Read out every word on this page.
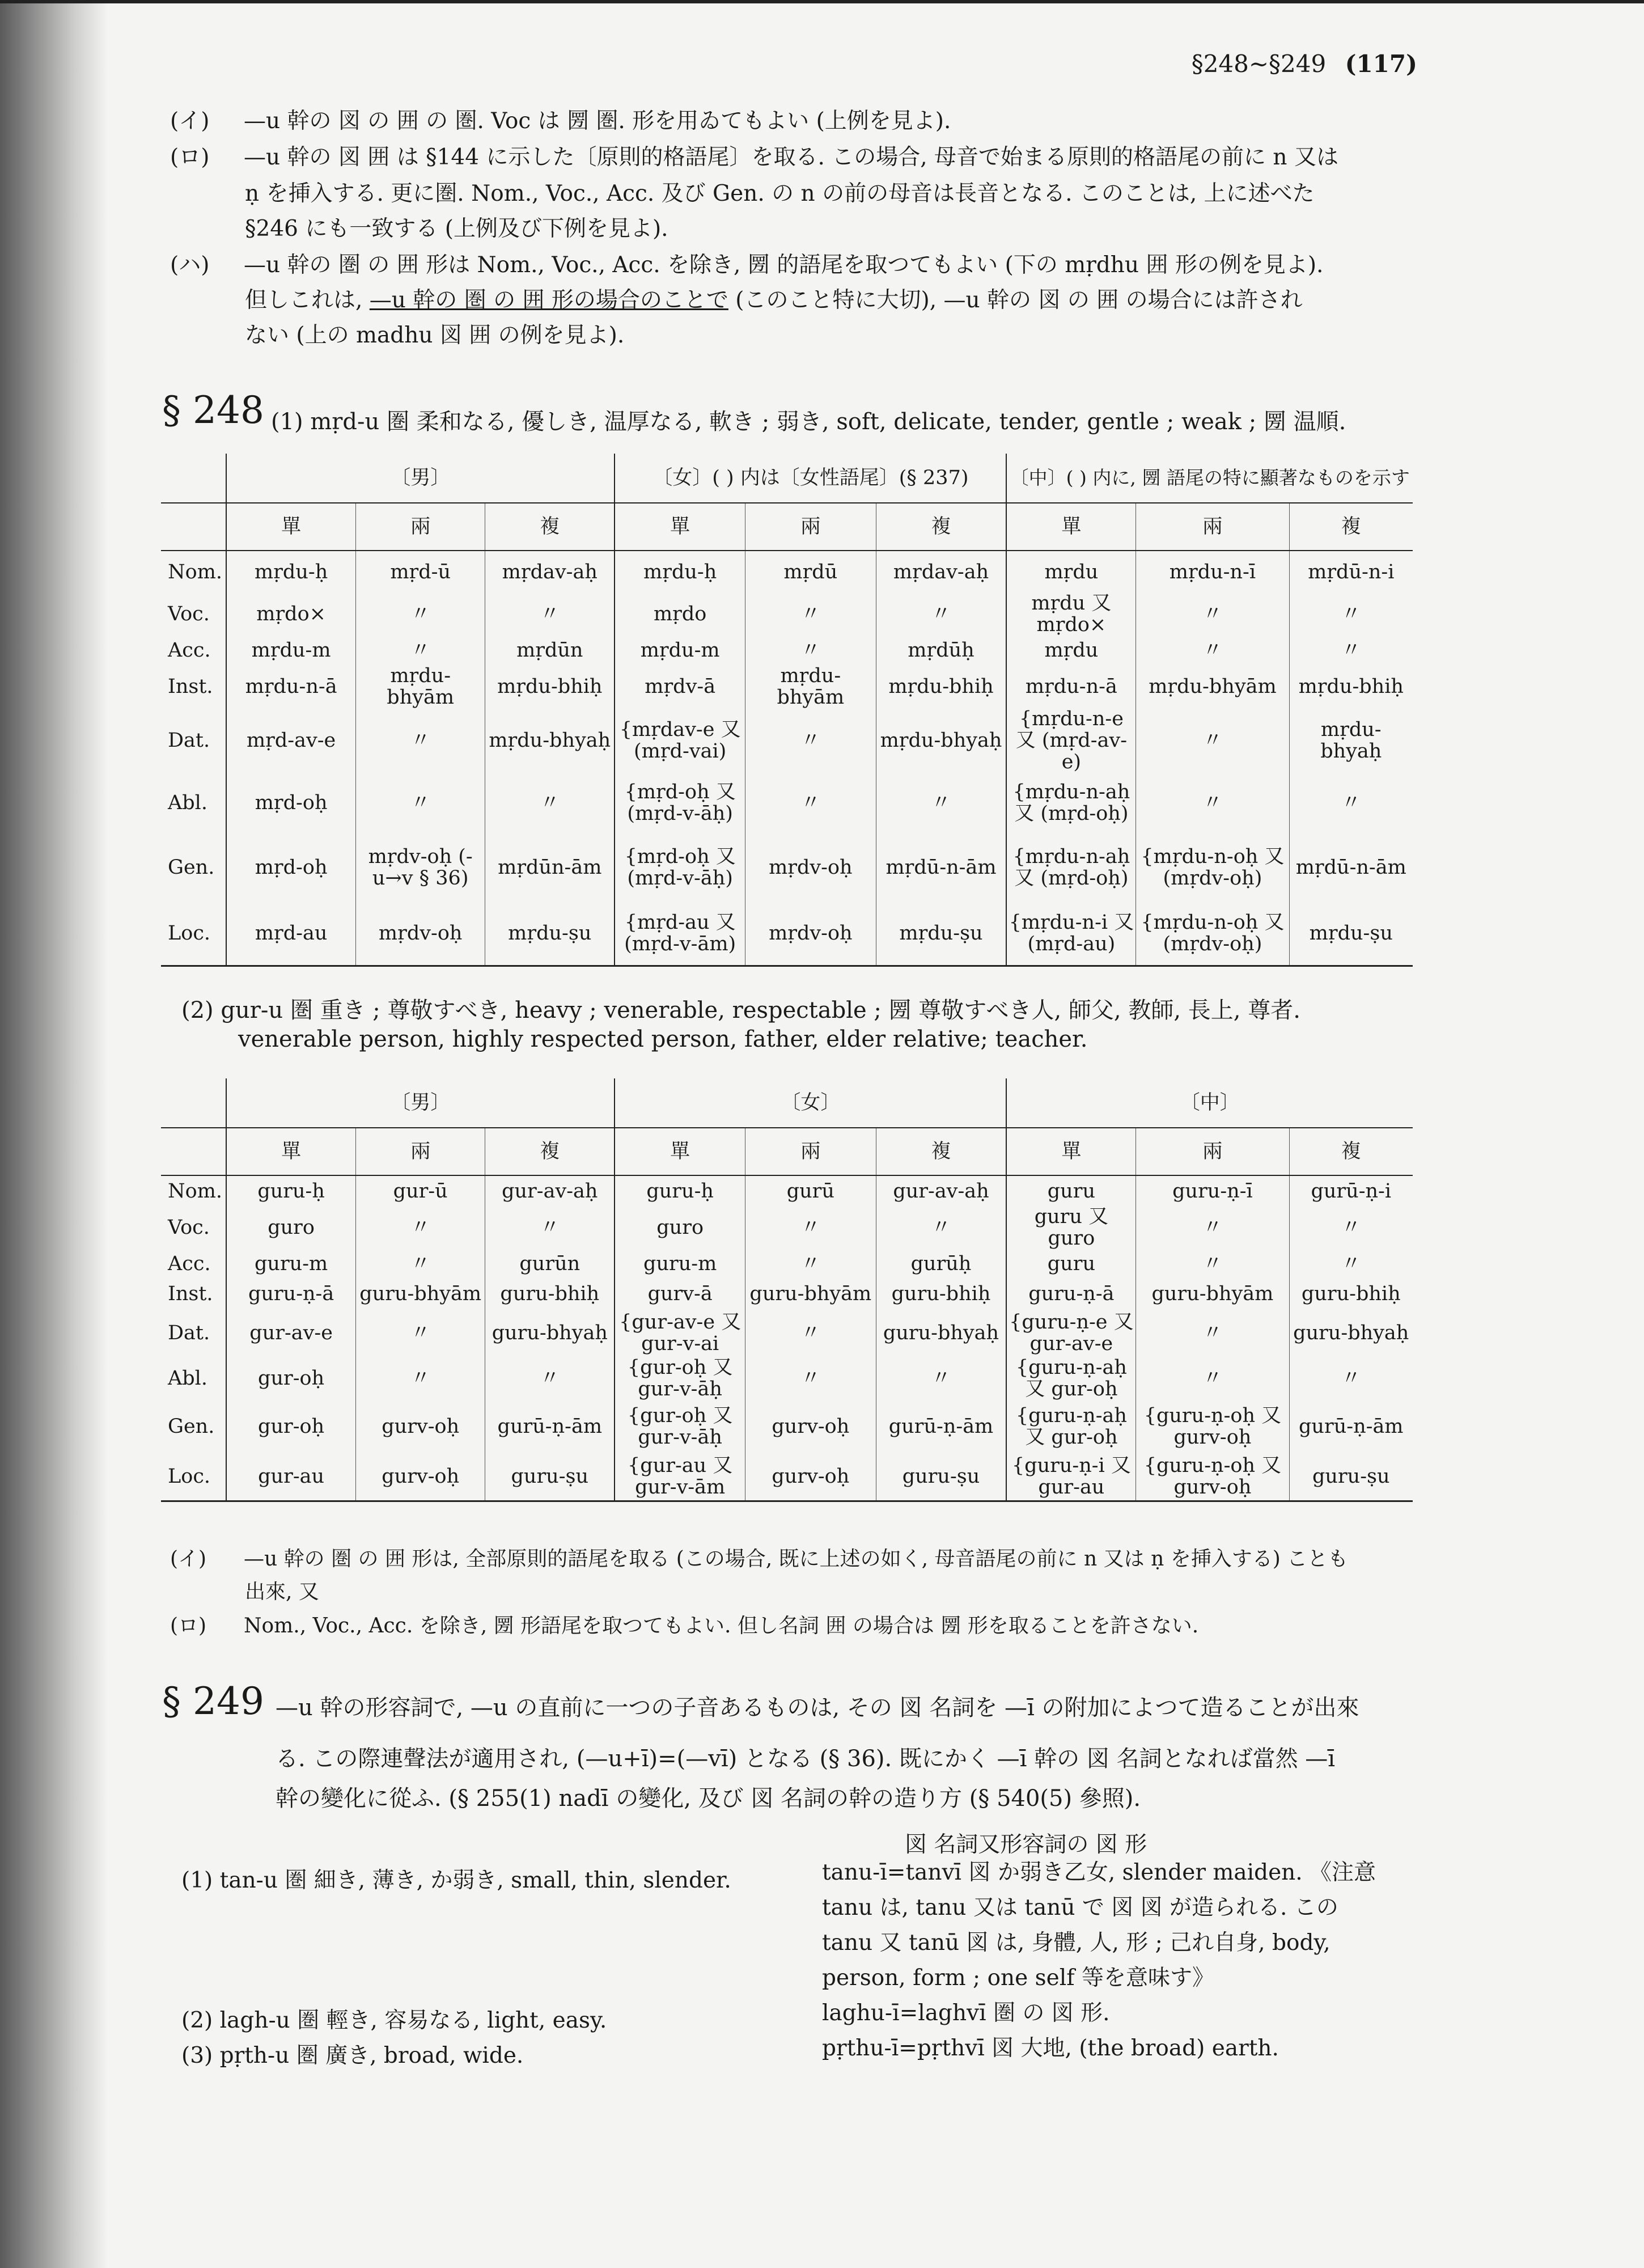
§248~§249 (117)
(イ) —u 幹の 図 の 囲 の 圏. Voc は 圐 圏. 形を用ゐてもよい (上例を見よ).
(ロ) —u 幹の 図 囲 は §144 に示した〔原則的格語尾〕を取る. この場合, 母音で始まる原則的格語尾の前に n 又は
ṇ を挿入する. 更に圏. Nom., Voc., Acc. 及び Gen. の n の前の母音は長音となる. このことは, 上に述べた
§246 にも一致する (上例及び下例を見よ).
(ハ) —u 幹の 圏 の 囲 形は Nom., Voc., Acc. を除き, 圐 的語尾を取つてもよい (下の mṛdhu 囲 形の例を見よ).
但しこれは, —u 幹の 圏 の 囲 形の場合のことで (このこと特に大切), —u 幹の 図 の 囲 の場合には許され
ない (上の madhu 図 囲 の例を見よ).
§ 248 (1) mṛd-u 圏 柔和なる, 優しき, 温厚なる, 軟き ; 弱き, soft, delicate, tender, gentle ; weak ; 圐 温順.
	〔男〕			〔女〕( ) 内は〔女性語尾〕(§ 237)			〔中〕( ) 内に, 圐 語尾の特に顯著なものを示す		
	單	兩	複	單	兩	複	單	兩	複
Nom.	mṛdu-ḥ	mṛd-ū	mṛdav-aḥ	mṛdu-ḥ	mṛdū	mṛdav-aḥ	mṛdu	mṛdu-n-ī	mṛdū-n-i
Voc.	mṛdo×	〃	〃	mṛdo	〃	〃	mṛdu 又 mṛdo×	〃	〃
Acc.	mṛdu-m	〃	mṛdūn	mṛdu-m	〃	mṛdūḥ	mṛdu	〃	〃
Inst.	mṛdu-n-ā	mṛdu-bhyām	mṛdu-bhiḥ	mṛdv-ā	mṛdu-bhyām	mṛdu-bhiḥ	mṛdu-n-ā	mṛdu-bhyām	mṛdu-bhiḥ
Dat.	mṛd-av-e	〃	mṛdu-bhyaḥ	{mṛdav-e 又 (mṛd-vai)	〃	mṛdu-bhyaḥ	{mṛdu-n-e 又 (mṛd-av-e)	〃	mṛdu-bhyaḥ
Abl.	mṛd-oḥ	〃	〃	{mṛd-oḥ 又 (mṛd-v-āḥ)	〃	〃	{mṛdu-n-aḥ 又 (mṛd-oḥ)	〃	〃
Gen.	mṛd-oḥ	mṛdv-oḥ (-u→v § 36)	mṛdūn-ām	{mṛd-oḥ 又 (mṛd-v-āḥ)	mṛdv-oḥ	mṛdū-n-ām	{mṛdu-n-aḥ 又 (mṛd-oḥ)	{mṛdu-n-oḥ 又 (mṛdv-oḥ)	mṛdū-n-ām
Loc.	mṛd-au	mṛdv-oḥ	mṛdu-ṣu	{mṛd-au 又 (mṛd-v-ām)	mṛdv-oḥ	mṛdu-ṣu	{mṛdu-n-i 又 (mṛd-au)	{mṛdu-n-oḥ 又 (mṛdv-oḥ)	mṛdu-ṣu
(2) gur-u 圏 重き ; 尊敬すべき, heavy ; venerable, respectable ; 圐 尊敬すべき人, 師父, 教師, 長上, 尊者.
venerable person, highly respected person, father, elder relative; teacher.
	〔男〕			〔女〕			〔中〕		
	單	兩	複	單	兩	複	單	兩	複
Nom.	guru-ḥ	gur-ū	gur-av-aḥ	guru-ḥ	gurū	gur-av-aḥ	guru	guru-ṇ-ī	gurū-ṇ-i
Voc.	guro	〃	〃	guro	〃	〃	guru 又 guro	〃	〃
Acc.	guru-m	〃	gurūn	guru-m	〃	gurūḥ	guru	〃	〃
Inst.	guru-ṇ-ā	guru-bhyām	guru-bhiḥ	gurv-ā	guru-bhyām	guru-bhiḥ	guru-ṇ-ā	guru-bhyām	guru-bhiḥ
Dat.	gur-av-e	〃	guru-bhyaḥ	{gur-av-e 又 gur-v-ai	〃	guru-bhyaḥ	{guru-ṇ-e 又 gur-av-e	〃	guru-bhyaḥ
Abl.	gur-oḥ	〃	〃	{gur-oḥ 又 gur-v-āḥ	〃	〃	{guru-ṇ-aḥ 又 gur-oḥ	〃	〃
Gen.	gur-oḥ	gurv-oḥ	gurū-ṇ-ām	{gur-oḥ 又 gur-v-āḥ	gurv-oḥ	gurū-ṇ-ām	{guru-ṇ-aḥ 又 gur-oḥ	{guru-ṇ-oḥ 又 gurv-oḥ	gurū-ṇ-ām
Loc.	gur-au	gurv-oḥ	guru-ṣu	{gur-au 又 gur-v-ām	gurv-oḥ	guru-ṣu	{guru-ṇ-i 又 gur-au	{guru-ṇ-oḥ 又 gurv-oḥ	guru-ṣu
(イ) —u 幹の 圏 の 囲 形は, 全部原則的語尾を取る (この場合, 既に上述の如く, 母音語尾の前に n 又は ṇ を挿入する) ことも
出來, 又
(ロ) Nom., Voc., Acc. を除き, 圐 形語尾を取つてもよい. 但し名詞 囲 の場合は 圐 形を取ることを許さない.
§ 249 —u 幹の形容詞で, —u の直前に一つの子音あるものは, その 図 名詞を —ī の附加によつて造ることが出來
る. この際連聲法が適用され, (—u+ī)=(—vī) となる (§ 36). 既にかく —ī 幹の 図 名詞となれば當然 —ī
幹の變化に從ふ. (§ 255(1) nadī の變化, 及び 図 名詞の幹の造り方 (§ 540(5) 參照).
図 名詞又形容詞の 図 形
(1) tan-u 圏 細き, 薄き, か弱き, small, thin, slender.	tanu-ī=tanvī 図 か弱き乙女, slender maiden. 《注意
tanu は, tanu 又は tanū で 図 図 が造られる. この
tanu 又 tanū 図 は, 身體, 人, 形 ; 己れ自身, body,
person, form ; one self 等を意味す》
(2) lagh-u 圏 輕き, 容易なる, light, easy.	laghu-ī=laghvī 圏 の 図 形.
(3) pṛth-u 圏 廣き, broad, wide.	pṛthu-ī=pṛthvī 図 大地, (the broad) earth.
